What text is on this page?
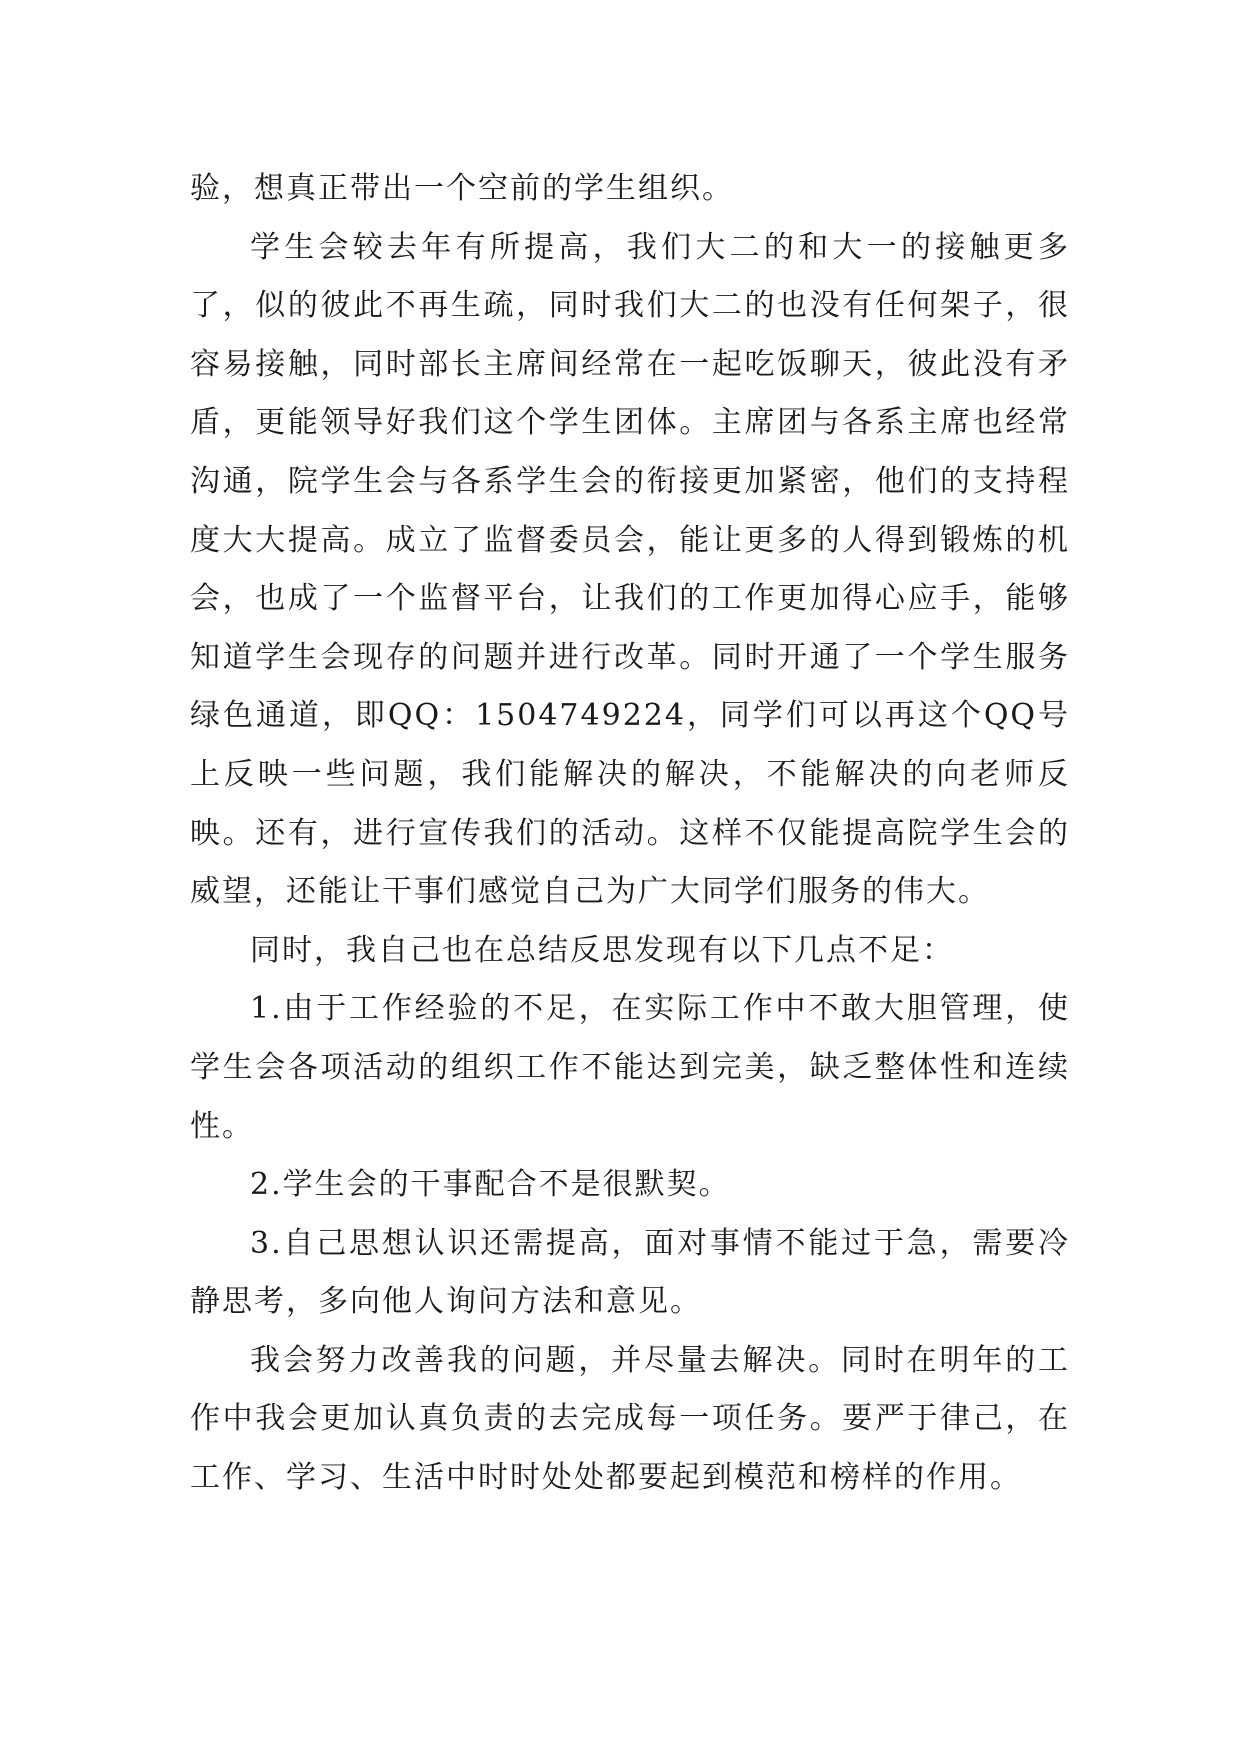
验，想真正带出一个空前的学生组织。

学生会较去年有所提高，我们大二的和大一的接触更多了，似的彼此不再生疏，同时我们大二的也没有任何架子，很容易接触，同时部长主席间经常在一起吃饭聊天，彼此没有矛盾，更能领导好我们这个学生团体。主席团与各系主席也经常沟通，院学生会与各系学生会的衔接更加紧密，他们的支持程度大大提高。成立了监督委员会，能让更多的人得到锻炼的机会，也成了一个监督平台，让我们的工作更加得心应手，能够知道学生会现存的问题并进行改革。同时开通了一个学生服务绿色通道，即QQ：1504749224，同学们可以再这个QQ号上反映一些问题，我们能解决的解决，不能解决的向老师反映。还有，进行宣传我们的活动。这样不仅能提高院学生会的威望，还能让干事们感觉自己为广大同学们服务的伟大。

同时，我自己也在总结反思发现有以下几点不足：

1.由于工作经验的不足，在实际工作中不敢大胆管理，使学生会各项活动的组织工作不能达到完美，缺乏整体性和连续性。

2.学生会的干事配合不是很默契。

3.自己思想认识还需提高，面对事情不能过于急，需要冷静思考，多向他人询问方法和意见。

我会努力改善我的问题，并尽量去解决。同时在明年的工作中我会更加认真负责的去完成每一项任务。要严于律己，在工作、学习、生活中时时处处都要起到模范和榜样的作用。
